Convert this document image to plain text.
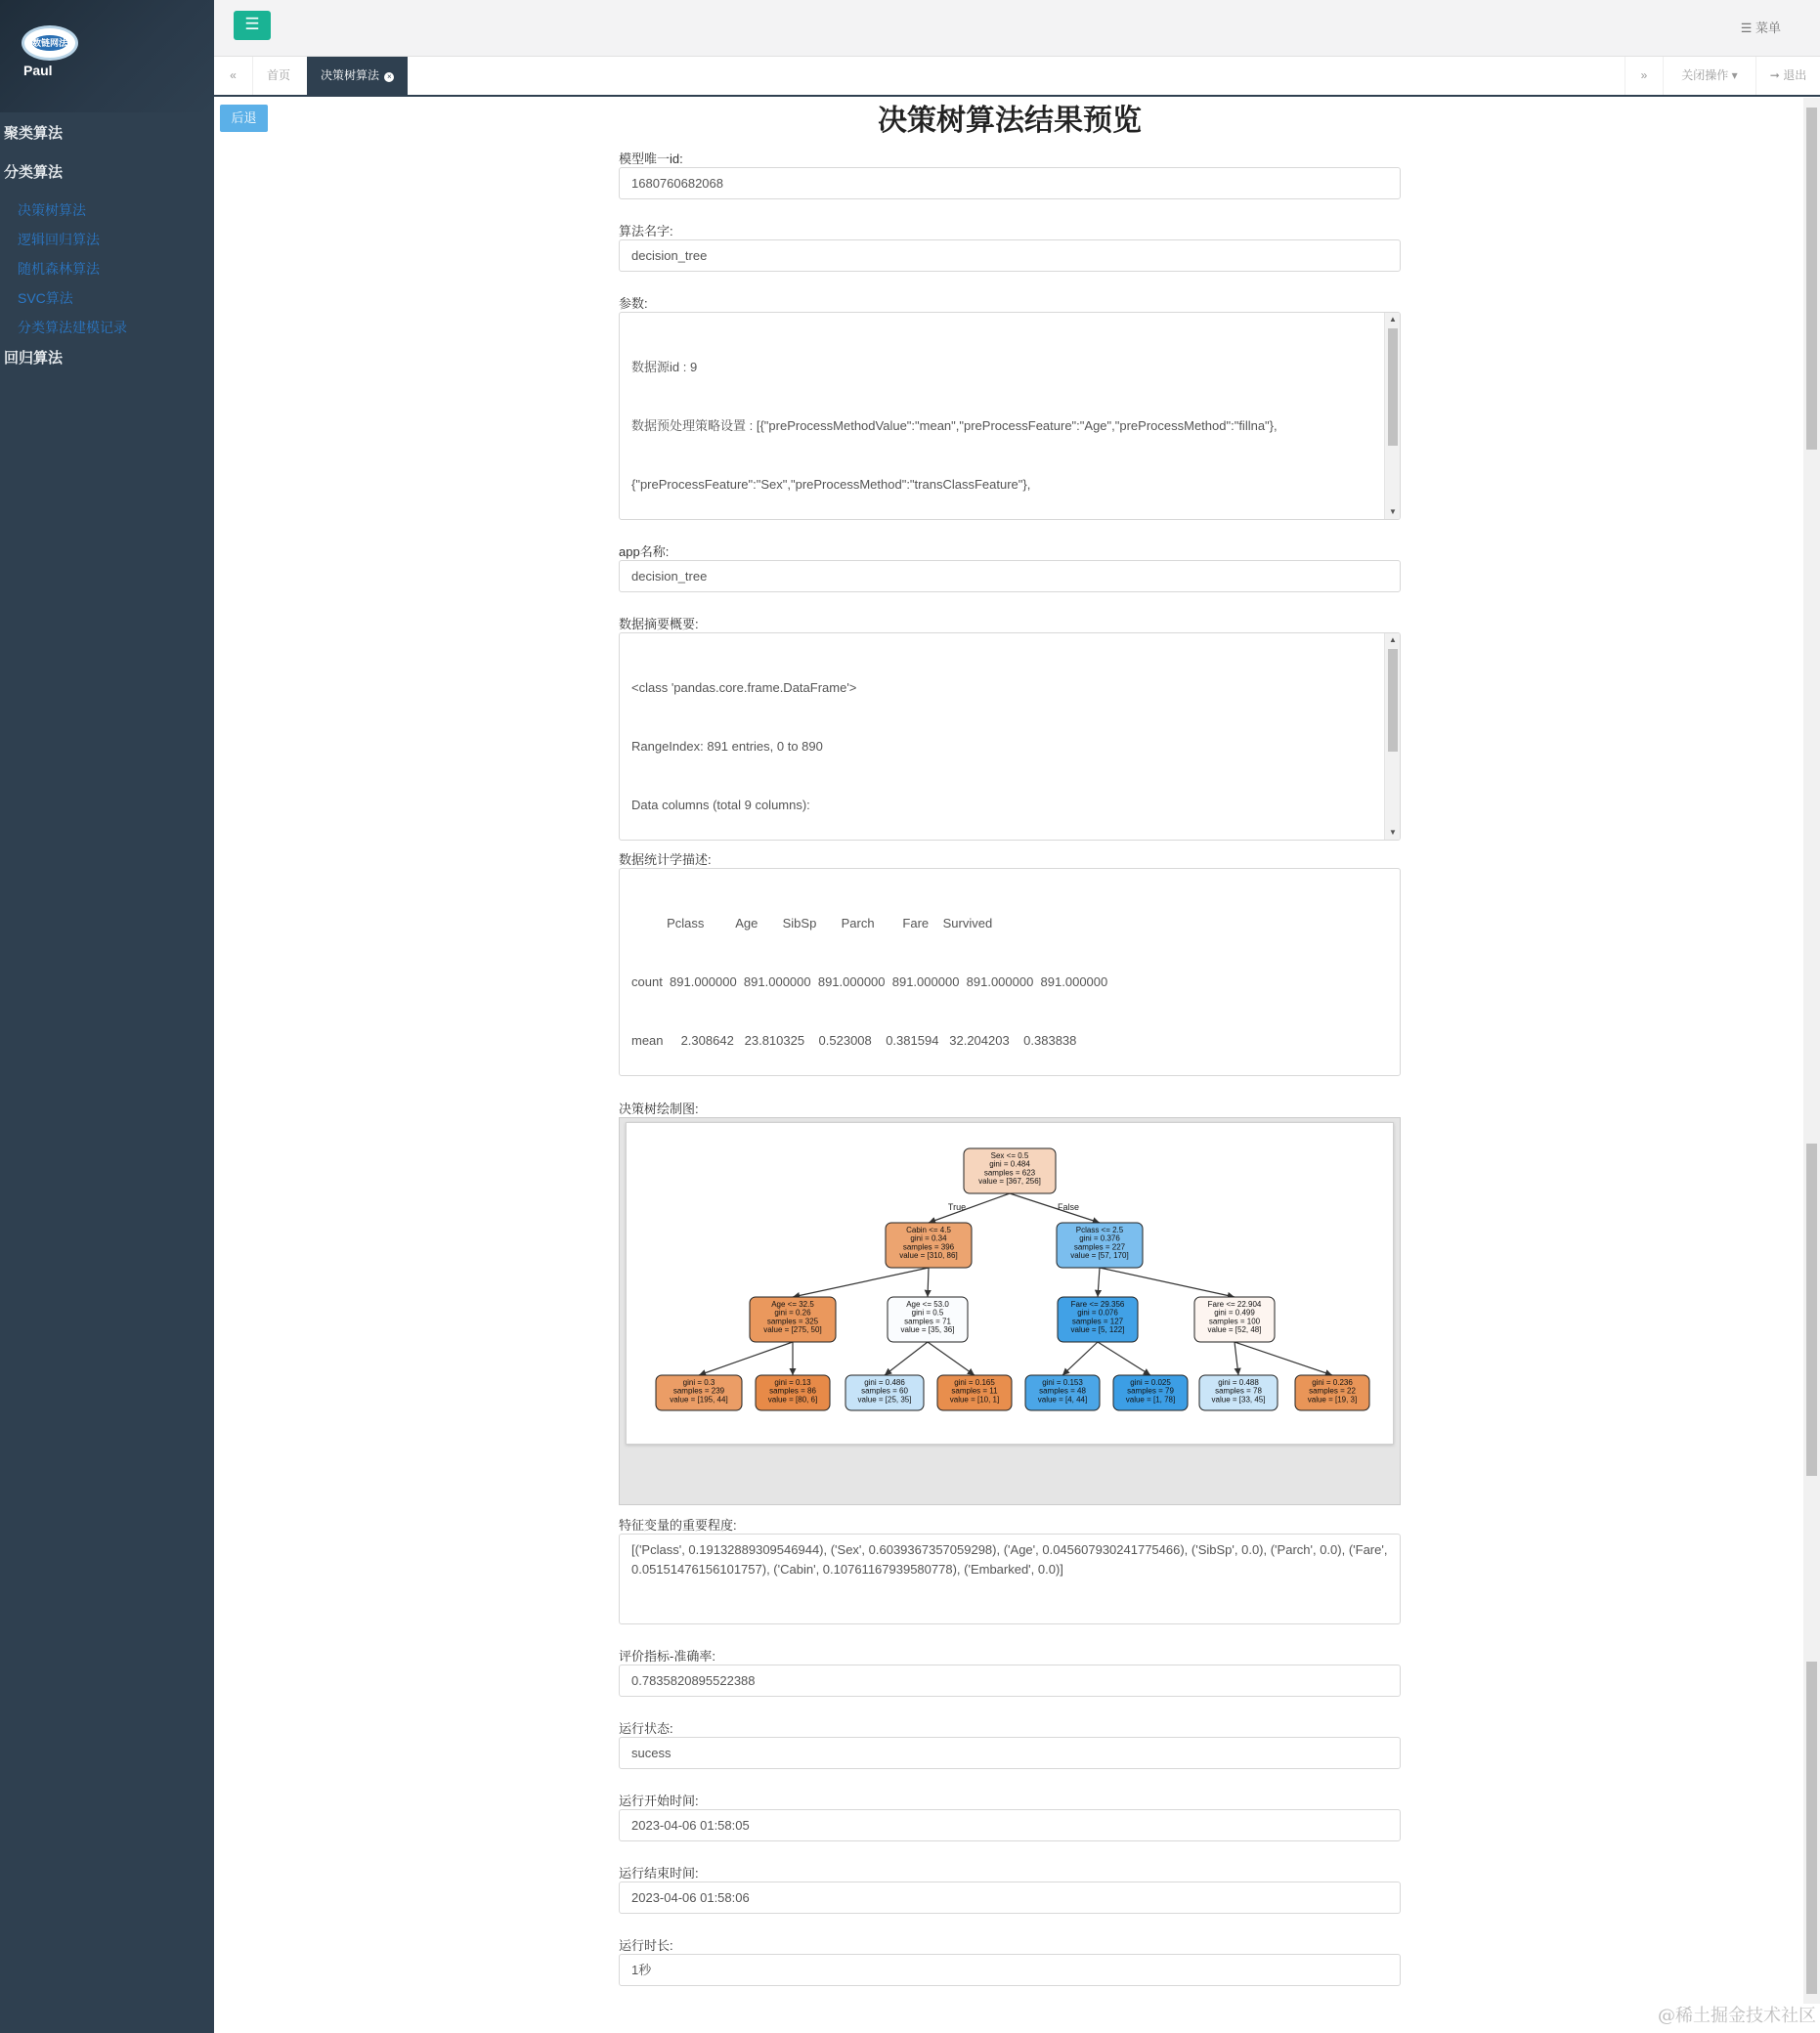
数链网法
Paul
聚类算法
分类算法
决策树算法
逻辑回归算法
随机森林算法
SVC算法
分类算法建模记录
回归算法
☰	☰ 菜单
«	首页	决策树算法 ×	»	关闭操作 ▾	➞ 退出
后退	决策树算法结果预览
模型唯一id:
1680760682068
算法名字:
decision_tree
参数:

数据源id : 9

数据预处理策略设置 : [{"preProcessMethodValue":"mean","preProcessFeature":"Age","preProcessMethod":"fillna"},

{"preProcessFeature":"Sex","preProcessMethod":"transClassFeature"},

▲

▼

app名称:
decision_tree
数据摘要概要:

<class 'pandas.core.frame.DataFrame'>

RangeIndex: 891 entries, 0 to 890

Data columns (total 9 columns):

▲

▼

数据统计学描述:

Pclass         Age       SibSp       Parch        Fare    Survived

count  891.000000  891.000000  891.000000  891.000000  891.000000  891.000000

mean     2.308642   23.810325    0.523008    0.381594   32.204203    0.383838

决策树绘制图:
True	False
Sex <= 0.5
gini = 0.484
samples = 623
value = [367, 256]
Cabin <= 4.5
gini = 0.34
samples = 396
value = [310, 86]
Pclass <= 2.5
gini = 0.376
samples = 227
value = [57, 170]
Age <= 32.5
gini = 0.26
samples = 325
value = [275, 50]
Age <= 53.0
gini = 0.5
samples = 71
value = [35, 36]
Fare <= 29.356
gini = 0.076
samples = 127
value = [5, 122]
Fare <= 22.904
gini = 0.499
samples = 100
value = [52, 48]
gini = 0.3
samples = 239
value = [195, 44]
gini = 0.13
samples = 86
value = [80, 6]
gini = 0.486
samples = 60
value = [25, 35]
gini = 0.165
samples = 11
value = [10, 1]
gini = 0.153
samples = 48
value = [4, 44]
gini = 0.025
samples = 79
value = [1, 78]
gini = 0.488
samples = 78
value = [33, 45]
gini = 0.236
samples = 22
value = [19, 3]
特征变量的重要程度:
[('Pclass', 0.19132889309546944), ('Sex', 0.6039367357059298), ('Age', 0.045607930241775466), ('SibSp', 0.0), ('Parch', 0.0), ('Fare', 0.05151476156101757), ('Cabin', 0.10761167939580778), ('Embarked', 0.0)]
评价指标-准确率:
0.7835820895522388
运行状态:
sucess
运行开始时间:
2023-04-06 01:58:05
运行结束时间:
2023-04-06 01:58:06
运行时长:
1秒
@稀土掘金技术社区
